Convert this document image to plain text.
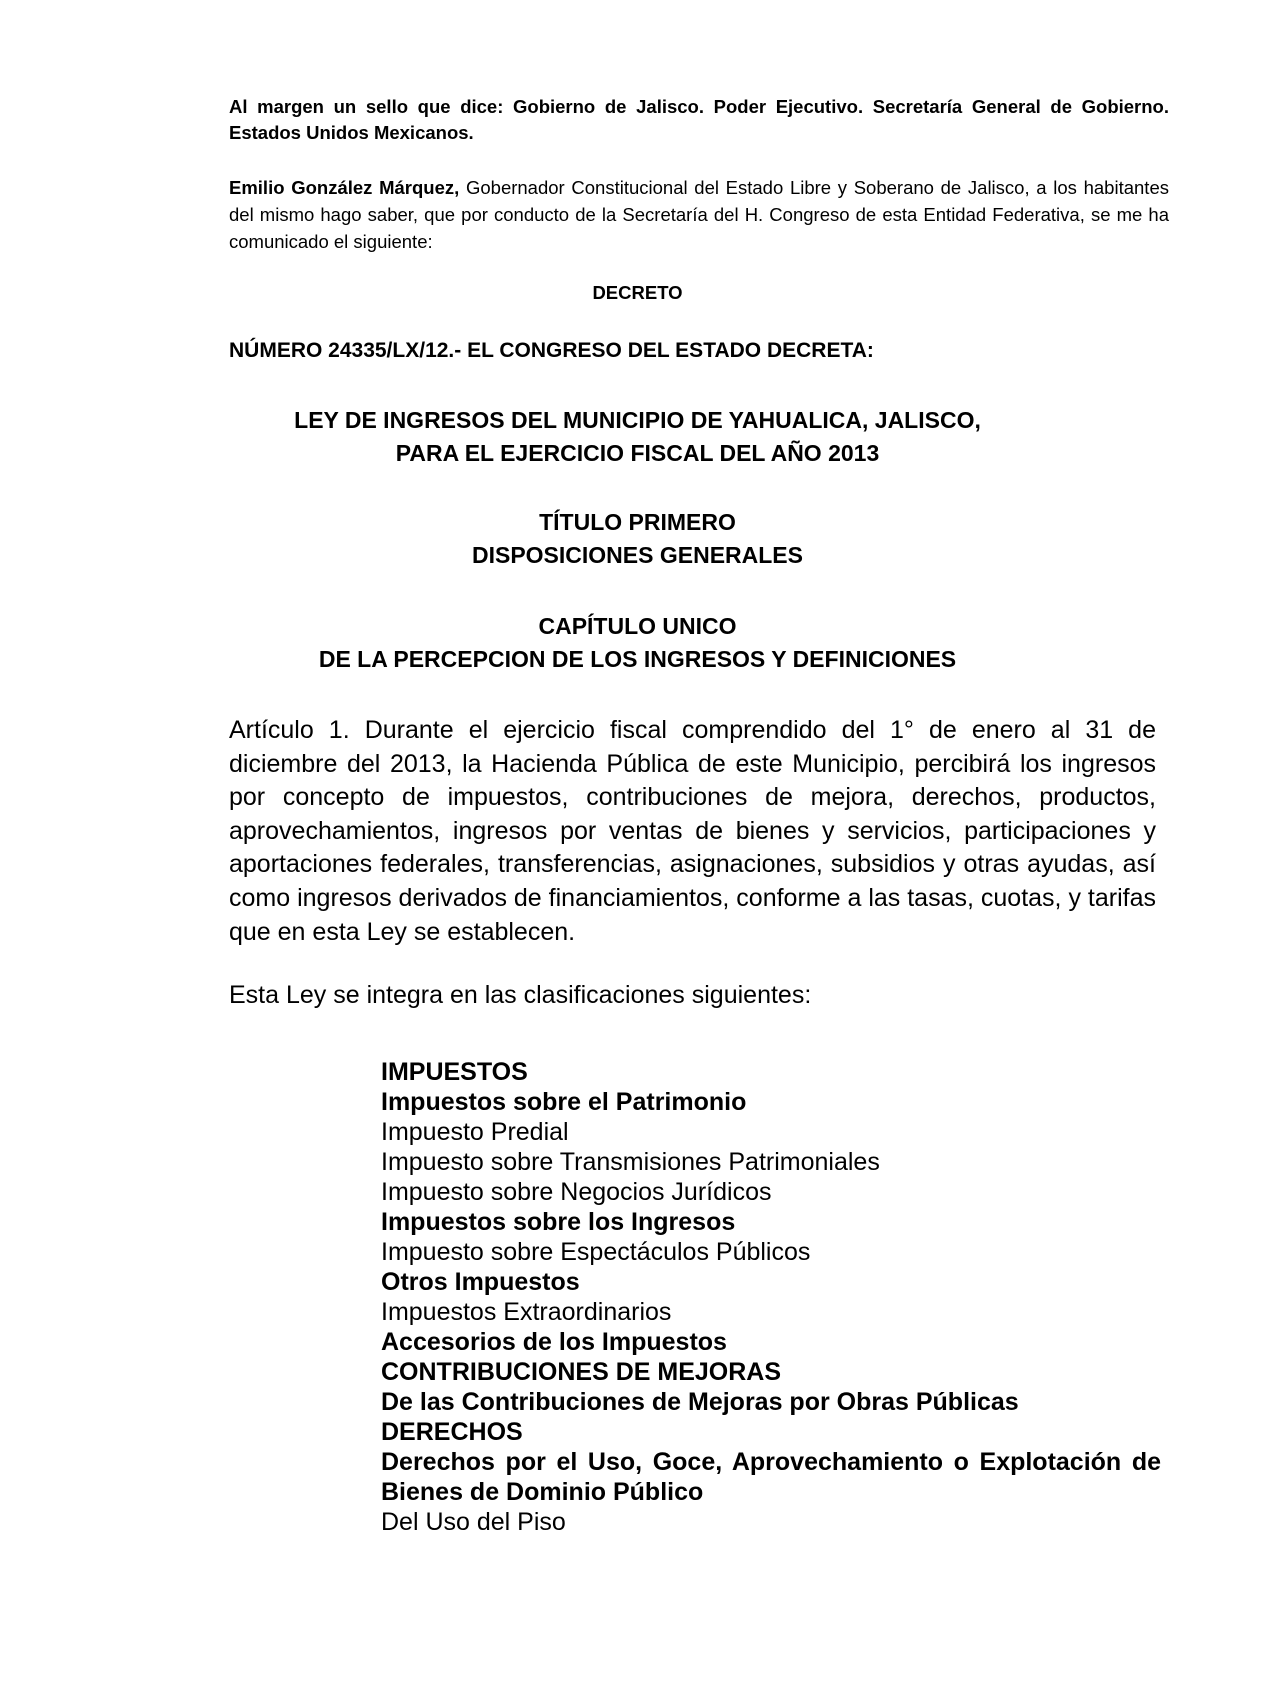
Al margen un sello que dice: Gobierno de Jalisco. Poder Ejecutivo. Secretaría General de Gobierno. Estados Unidos Mexicanos.
Emilio González Márquez, Gobernador Constitucional del Estado Libre y Soberano de Jalisco, a los habitantes del mismo hago saber, que por conducto de la Secretaría del H. Congreso de esta Entidad Federativa, se me ha comunicado el siguiente:
DECRETO
NÚMERO 24335/LX/12.- EL CONGRESO DEL ESTADO DECRETA:
LEY DE INGRESOS DEL MUNICIPIO DE YAHUALICA, JALISCO,
PARA EL EJERCICIO FISCAL DEL AÑO 2013
TÍTULO PRIMERO
DISPOSICIONES GENERALES
CAPÍTULO UNICO
DE LA PERCEPCION DE LOS INGRESOS Y DEFINICIONES
Artículo 1. Durante el ejercicio fiscal comprendido del 1° de enero al 31 de diciembre del 2013, la Hacienda Pública de este Municipio, percibirá los ingresos por concepto de impuestos, contribuciones de mejora, derechos, productos, aprovechamientos, ingresos por ventas de bienes y servicios, participaciones y aportaciones federales, transferencias, asignaciones, subsidios y otras ayudas, así como ingresos derivados de financiamientos, conforme a las tasas, cuotas, y tarifas que en esta Ley se establecen.
Esta Ley se integra en las clasificaciones siguientes:
IMPUESTOS
Impuestos sobre el Patrimonio
Impuesto Predial
Impuesto sobre Transmisiones Patrimoniales
Impuesto sobre Negocios Jurídicos
Impuestos sobre los Ingresos
Impuesto sobre Espectáculos Públicos
Otros Impuestos
Impuestos Extraordinarios
Accesorios de los Impuestos
CONTRIBUCIONES DE MEJORAS
De las Contribuciones de Mejoras por Obras Públicas
DERECHOS
Derechos por el Uso, Goce, Aprovechamiento o Explotación de Bienes de Dominio Público
Del Uso del Piso
